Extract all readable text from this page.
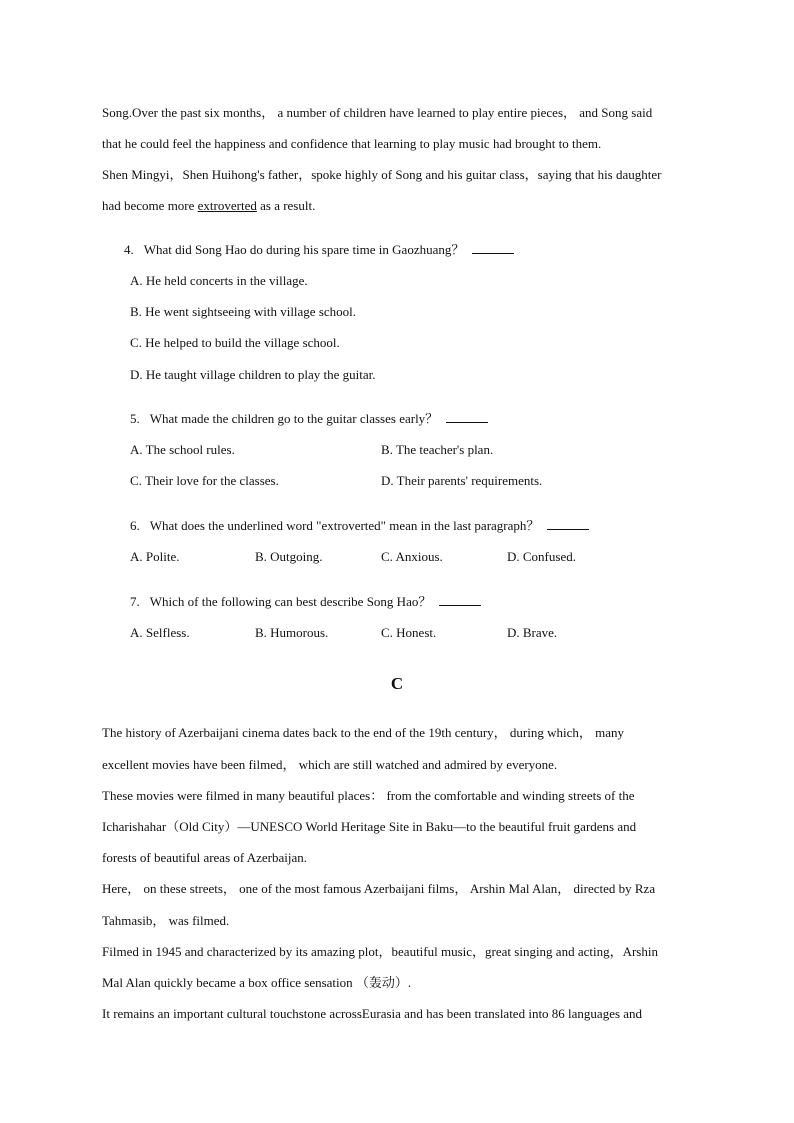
Song.Over the past six months， a number of children have learned to play entire pieces， and Song said
that he could feel the happiness and confidence that learning to play music had brought to them.
Shen Mingyi，Shen Huihong's father，spoke highly of Song and his guitar class，saying that his daughter
had become more extroverted as a result.
4. What did Song Hao do during his spare time in Gaozhuang？
A. He held concerts in the village.
B. He went sightseeing with village school.
C. He helped to build the village school.
D. He taught village children to play the guitar.
5. What made the children go to the guitar classes early？
A. The school rules.	B. The teacher's plan.
C. Their love for the classes.	D. Their parents' requirements.
6. What does the underlined word "extroverted" mean in the last paragraph？
A. Polite.	B. Outgoing.	C. Anxious.	D. Confused.
7. Which of the following can best describe Song Hao？
A. Selfless.	B. Humorous.	C. Honest.	D. Brave.
C
The history of Azerbaijani cinema dates back to the end of the 19th century， during which， many
excellent movies have been filmed， which are still watched and admired by everyone.
These movies were filmed in many beautiful places： from the comfortable and winding streets of the
Icharishahar（Old City）—UNESCO World Heritage Site in Baku—to the beautiful fruit gardens and
forests of beautiful areas of Azerbaijan.
Here， on these streets， one of the most famous Azerbaijani films， Arshin Mal Alan， directed by Rza
Tahmasib， was filmed.
Filmed in 1945 and characterized by its amazing plot，beautiful music，great singing and acting，Arshin
Mal Alan quickly became a box office sensation （轰动）.
It remains an important cultural touchstone acrossEurasia and has been translated into 86 languages and
